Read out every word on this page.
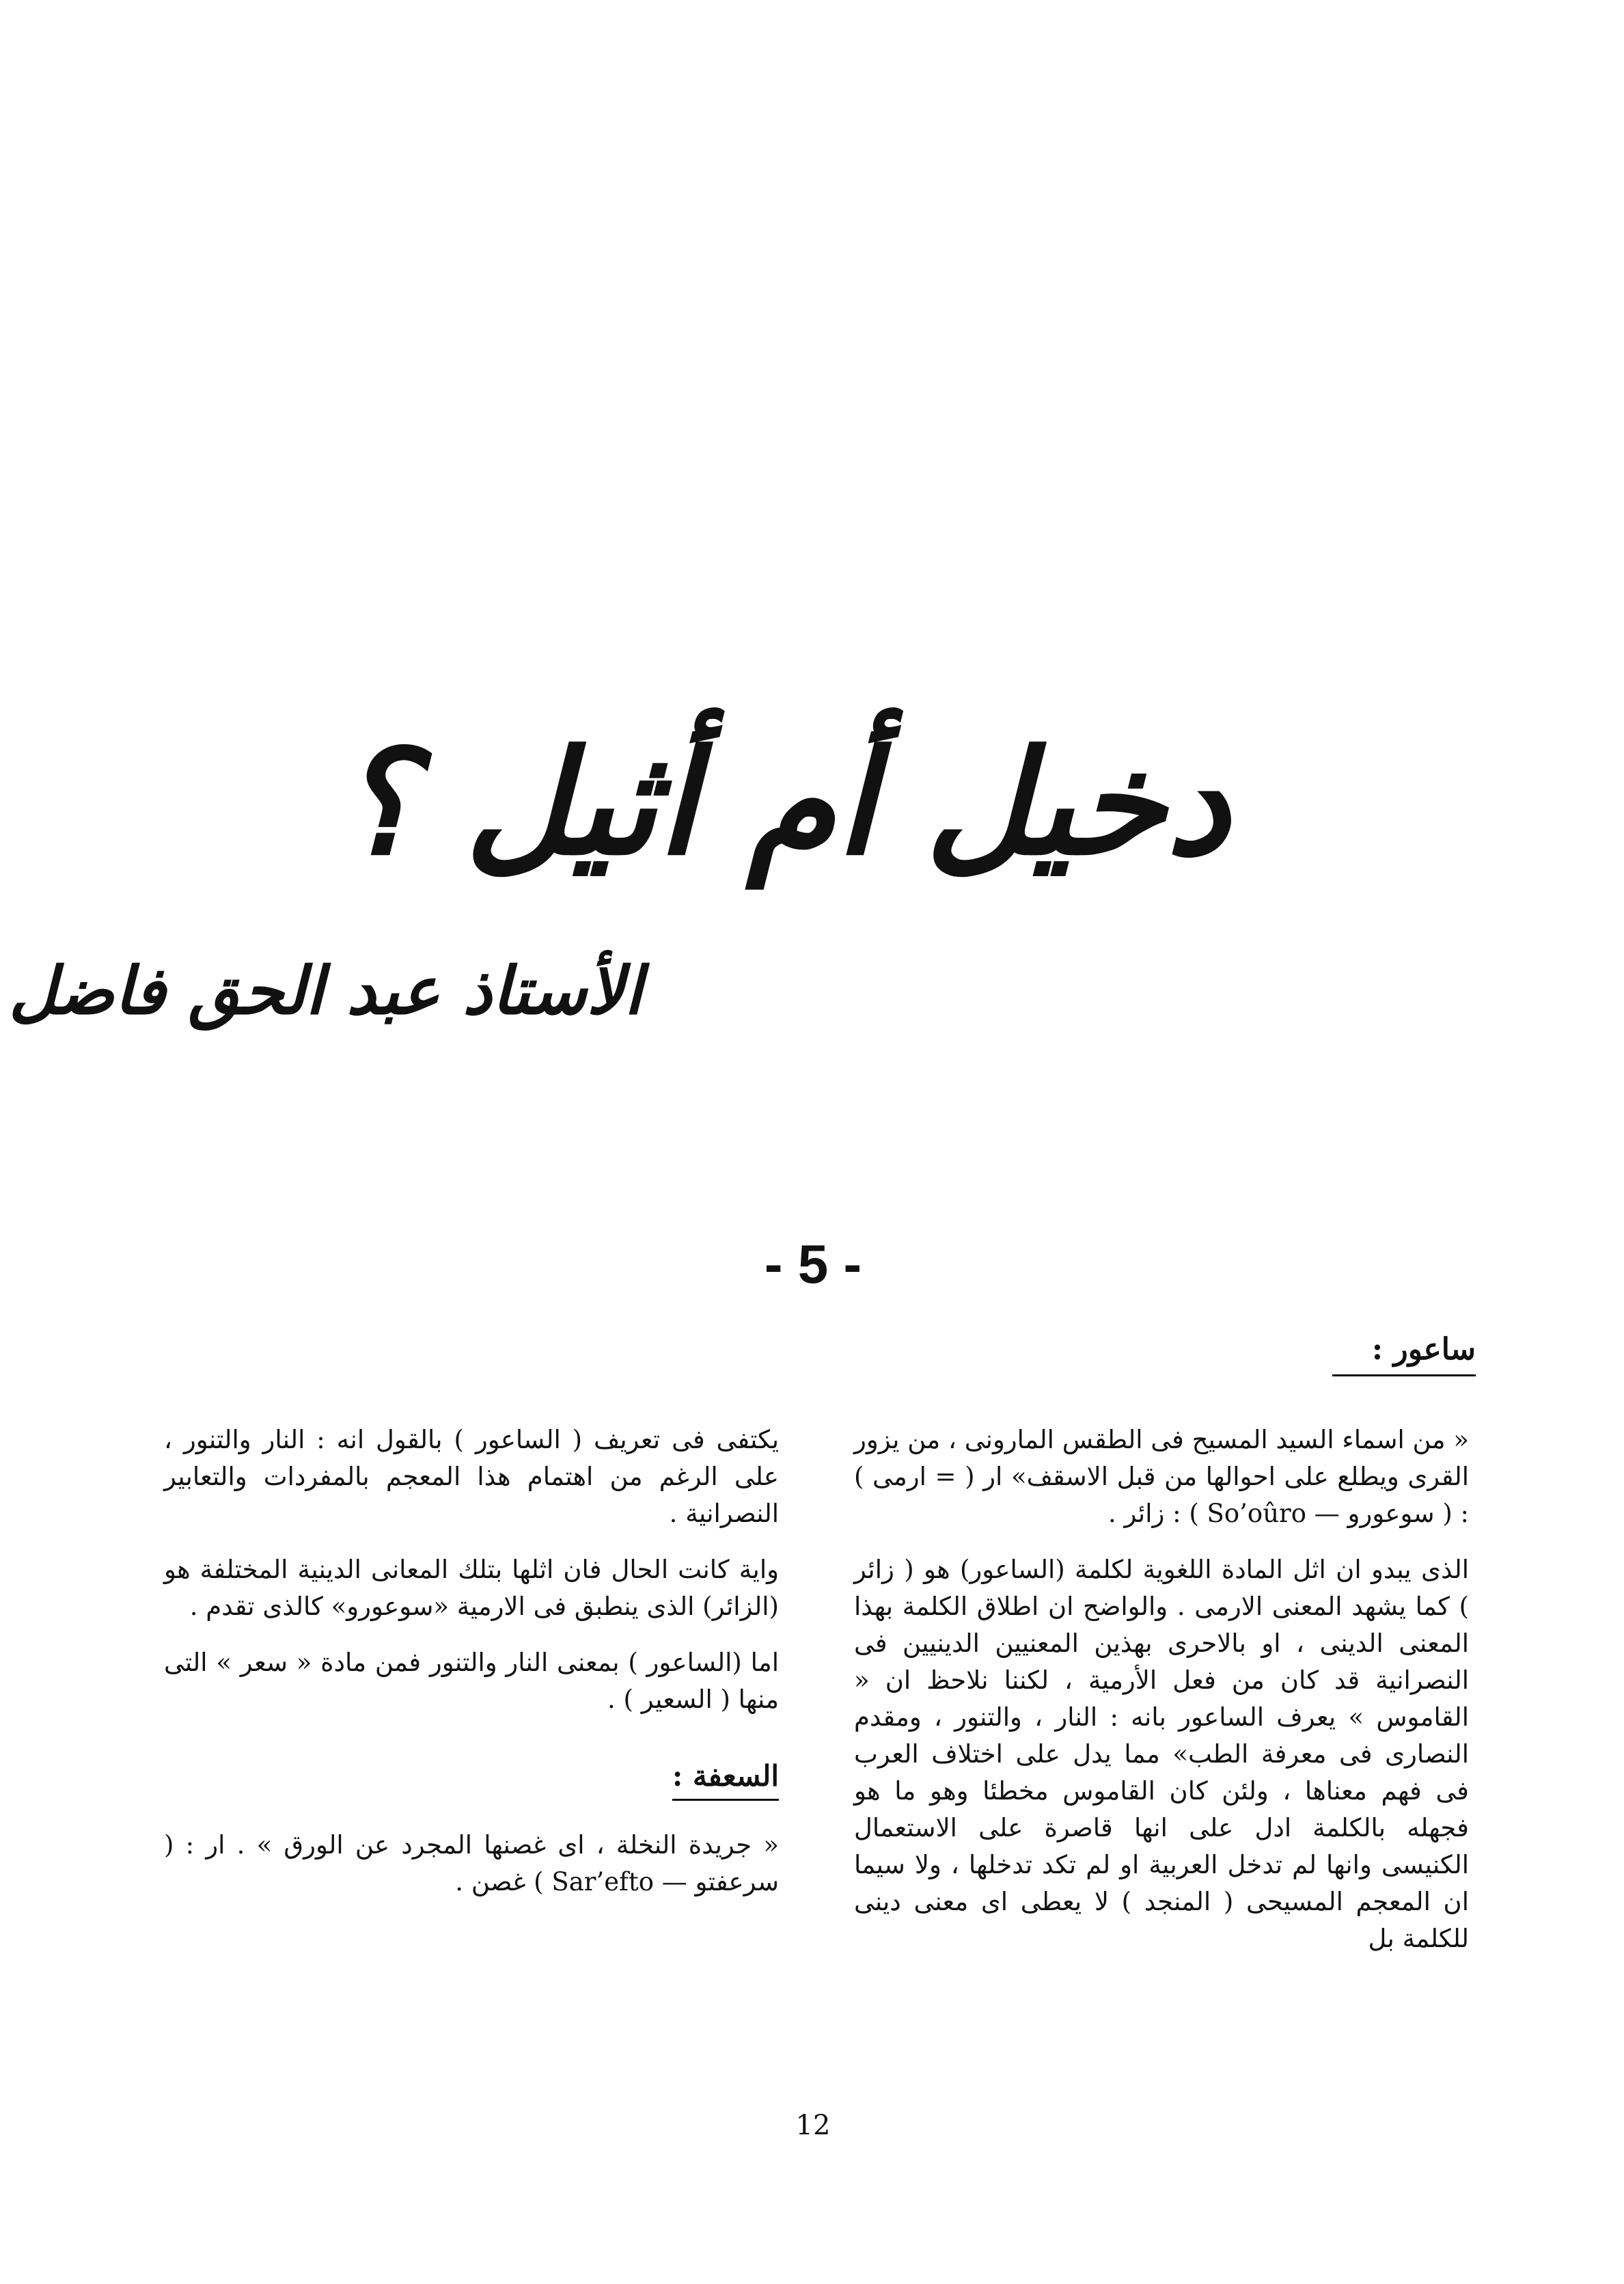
دخيل أم أثيل ؟
الأستاذ عبد الحق فاضل
- 5 -
ساعور :

« من اسماء السيد المسيح فى الطقس المارونى ، من يزور القرى ويطلع على احوالها من قبل الاسقف» ار ( = ارمى ) : ( سوعورو — So’oûro ) : زائر .

الذى يبدو ان اثل المادة اللغوية لكلمة (الساعور) هو ( زائر ) كما يشهد المعنى الارمى . والواضح ان اطلاق الكلمة بهذا المعنى الدينى ، او بالاحرى بهذين المعنيين الدينيين فى النصرانية قد كان من فعل الأرمية ، لكننا نلاحظ ان « القاموس » يعرف الساعور بانه : النار ، والتنور ، ومقدم النصارى فى معرفة الطب» مما يدل على اختلاف العرب فى فهم معناها ، ولئن كان القاموس مخطئا وهو ما هو فجهله بالكلمة ادل على انها قاصرة على الاستعمال الكنيسى وانها لم تدخل العربية او لم تكد تدخلها ، ولا سيما ان المعجم المسيحى ( المنجد ) لا يعطى اى معنى دينى للكلمة بل

يكتفى فى تعريف ( الساعور ) بالقول انه : النار والتنور ، على الرغم من اهتمام هذا المعجم بالمفردات والتعابير النصرانية .

واية كانت الحال فان اثلها بتلك المعانى الدينية المختلفة هو (الزائر) الذى ينطبق فى الارمية «سوعورو» كالذى تقدم .

اما (الساعور ) بمعنى النار والتنور فمن مادة « سعر » التى منها ( السعير ) .

السعفة :

« جريدة النخلة ، اى غصنها المجرد عن الورق » . ار : ( سرعفتو — Sar’efto ) غصن .

12
